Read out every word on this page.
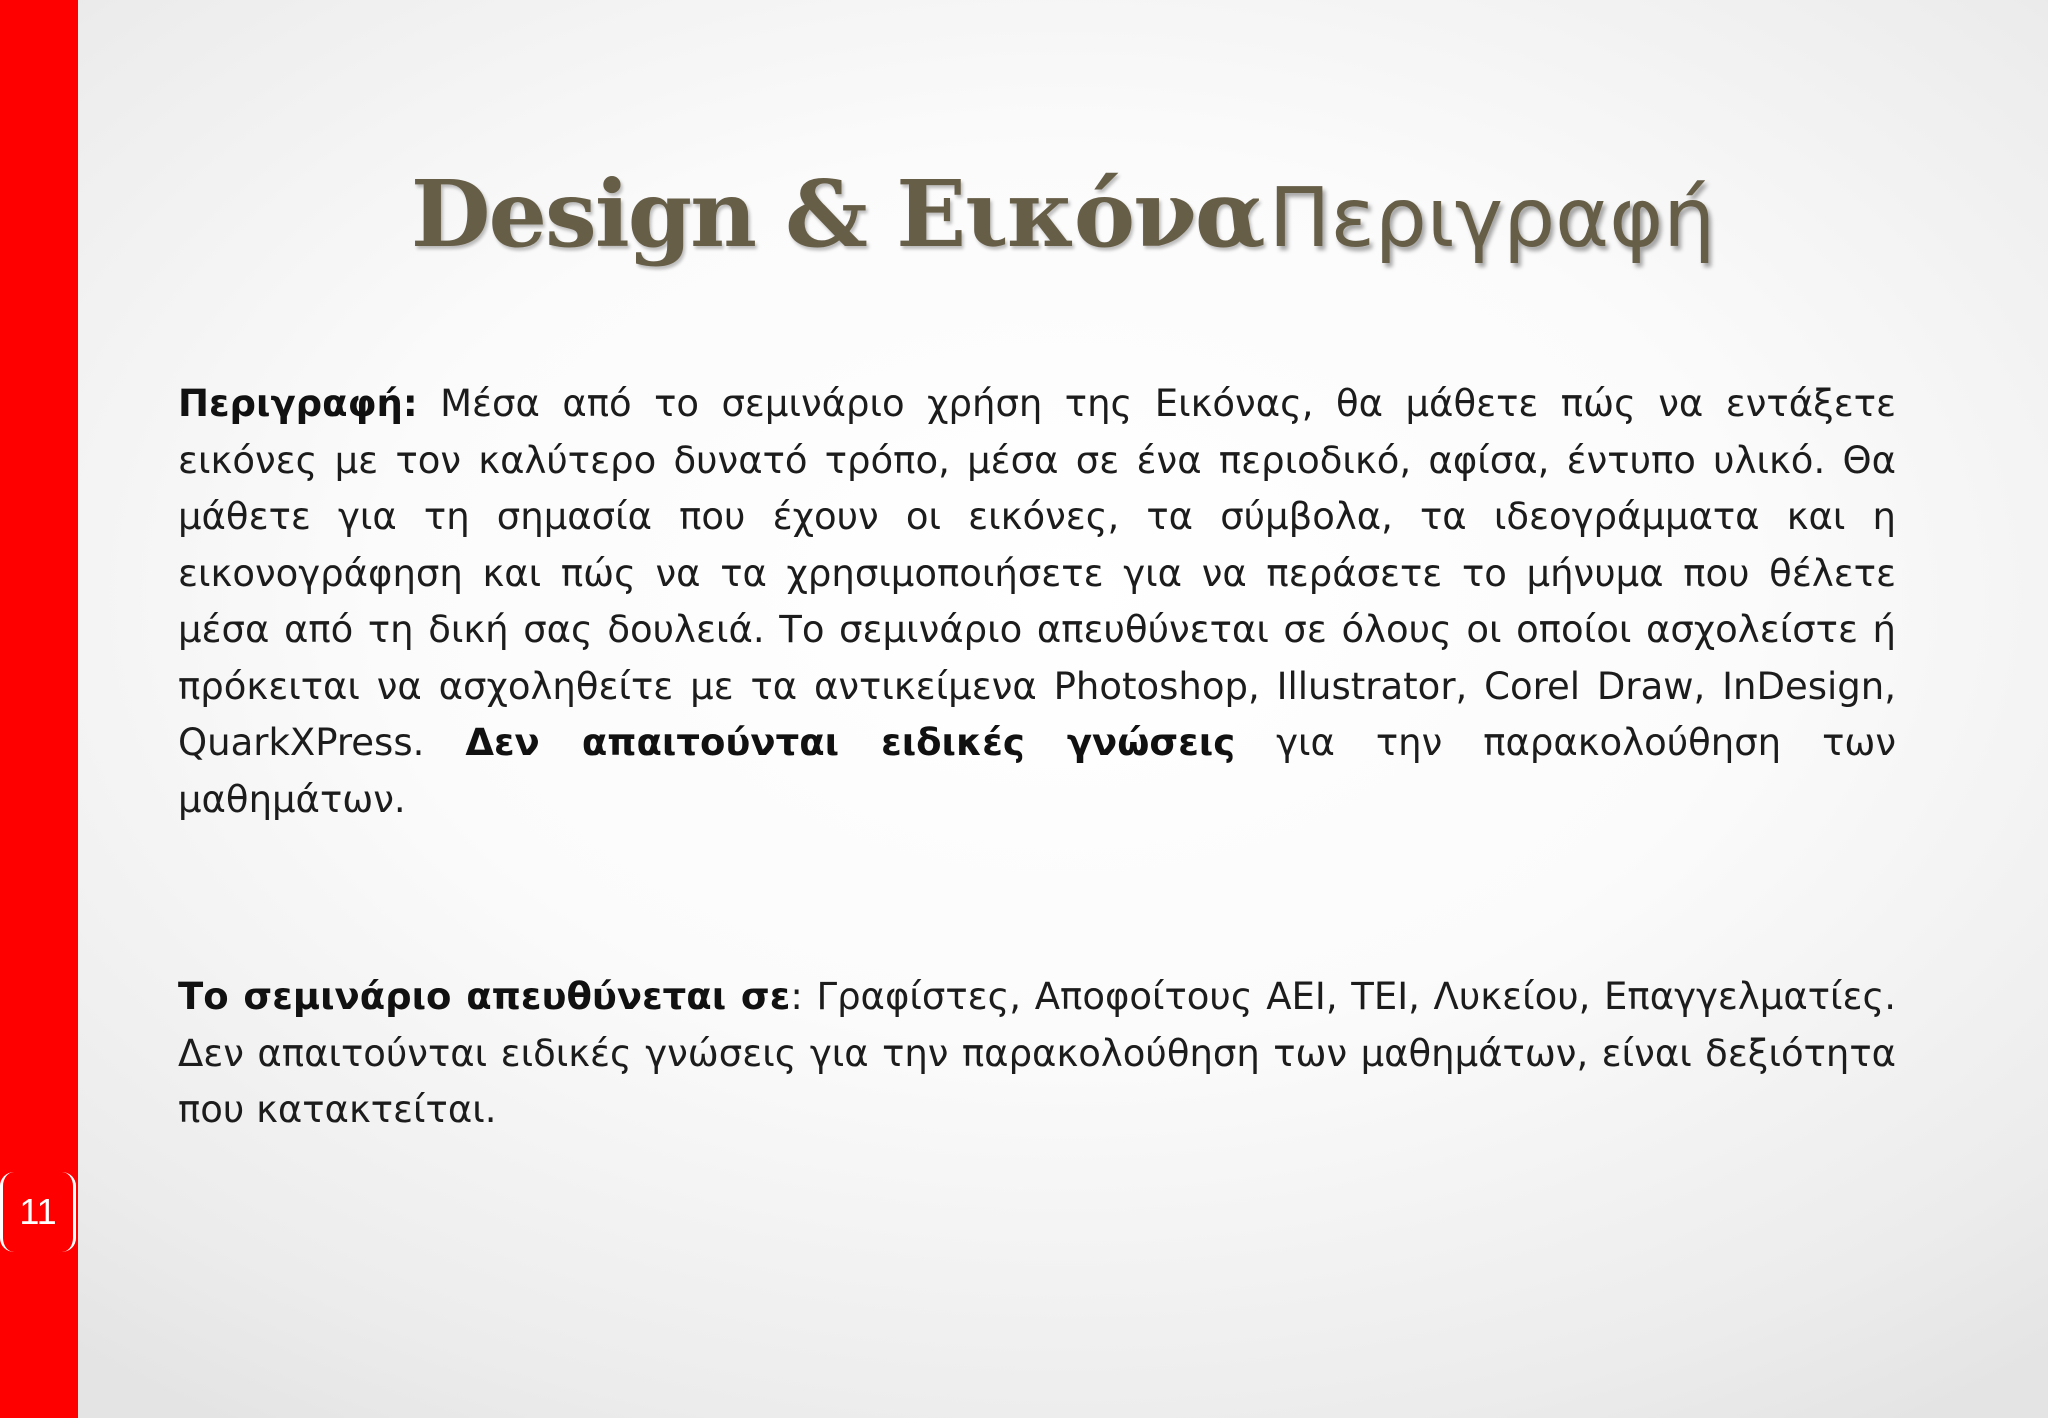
11
Design & Εικόνα Περιγραφή

Περιγραφή: Μέσα από το σεμινάριο χρήση της Εικόνας, θα μάθετε πώς να εντάξετε εικόνες με τον καλύτερο δυνατό τρόπο, μέσα σε ένα περιοδικό, αφίσα, έντυπο υλικό. Θα μάθετε για τη σημασία που έχουν οι εικόνες, τα σύμβολα, τα ιδεογράμματα και η εικονογράφηση και πώς να τα χρησιμοποιήσετε για να περάσετε το μήνυμα που θέλετε μέσα από τη δική σας δουλειά. Το σεμινάριο απευθύνεται σε όλους οι οποίοι ασχολείστε ή πρόκειται να ασχοληθείτε με τα αντικείμενα Photoshop, Illustrator, Corel Draw, InDesign, QuarkXPress. Δεν απαιτούνται ειδικές γνώσεις για την παρακολούθηση των μαθημάτων.

Το σεμινάριο απευθύνεται σε: Γραφίστες, Αποφοίτους ΑΕΙ, ΤΕΙ, Λυκείου, Επαγγελματίες. Δεν απαιτούνται ειδικές γνώσεις για την παρακολούθηση των μαθημάτων, είναι δεξιότητα που κατακτείται.
